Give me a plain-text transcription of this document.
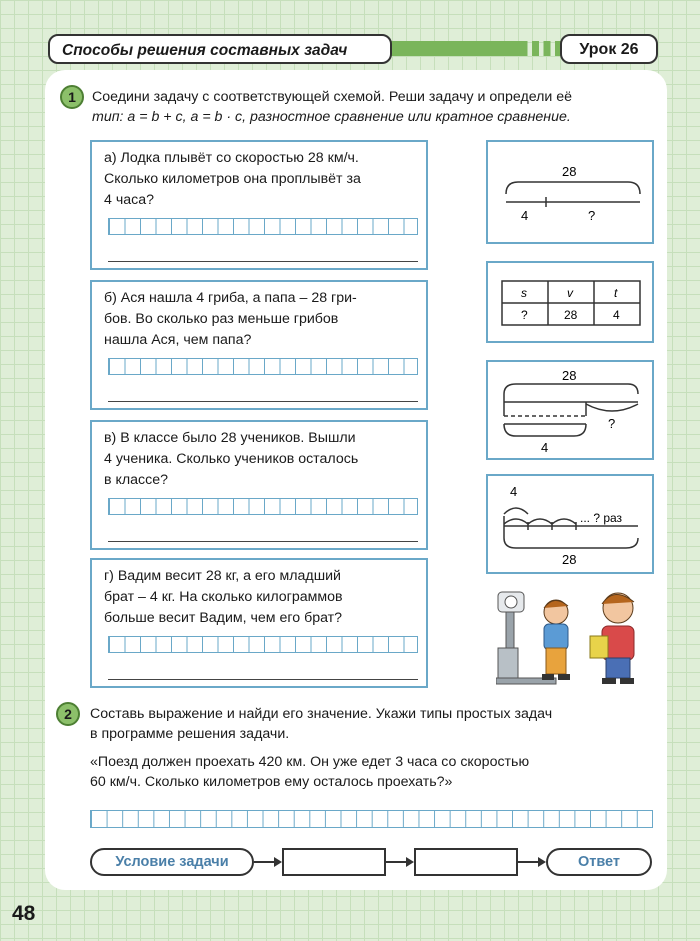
Способы решения составных задач	Урок 26
1	Соедини задачу с соответствующей схемой. Реши задачу и определи её
тип: a = b + c, a = b · c, разностное сравнение или кратное сравнение.
а) Лодка плывёт со скоростью 28 км/ч.
Сколько километров она проплывёт за
4 часа?
б) Ася нашла 4 гриба, а папа – 28 гри-
бов. Во сколько раз меньше грибов
нашла Ася, чем папа?
в) В классе было 28 учеников. Вышли
4 ученика. Сколько учеников осталось
в классе?
г) Вадим весит 28 кг, а его младший
брат – 4 кг. На сколько килограммов
больше весит Вадим, чем его брат?
28
4	?
s	v	t
?	28	4
28
?
4
4
... ? раз
28
2	Составь выражение и найди его значение. Укажи типы простых задач
в программе решения задачи.
«Поезд должен проехать 420 км. Он уже едет 3 часа со скоростью
60 км/ч. Сколько километров ему осталось проехать?»
Условие задачи	Ответ
48
